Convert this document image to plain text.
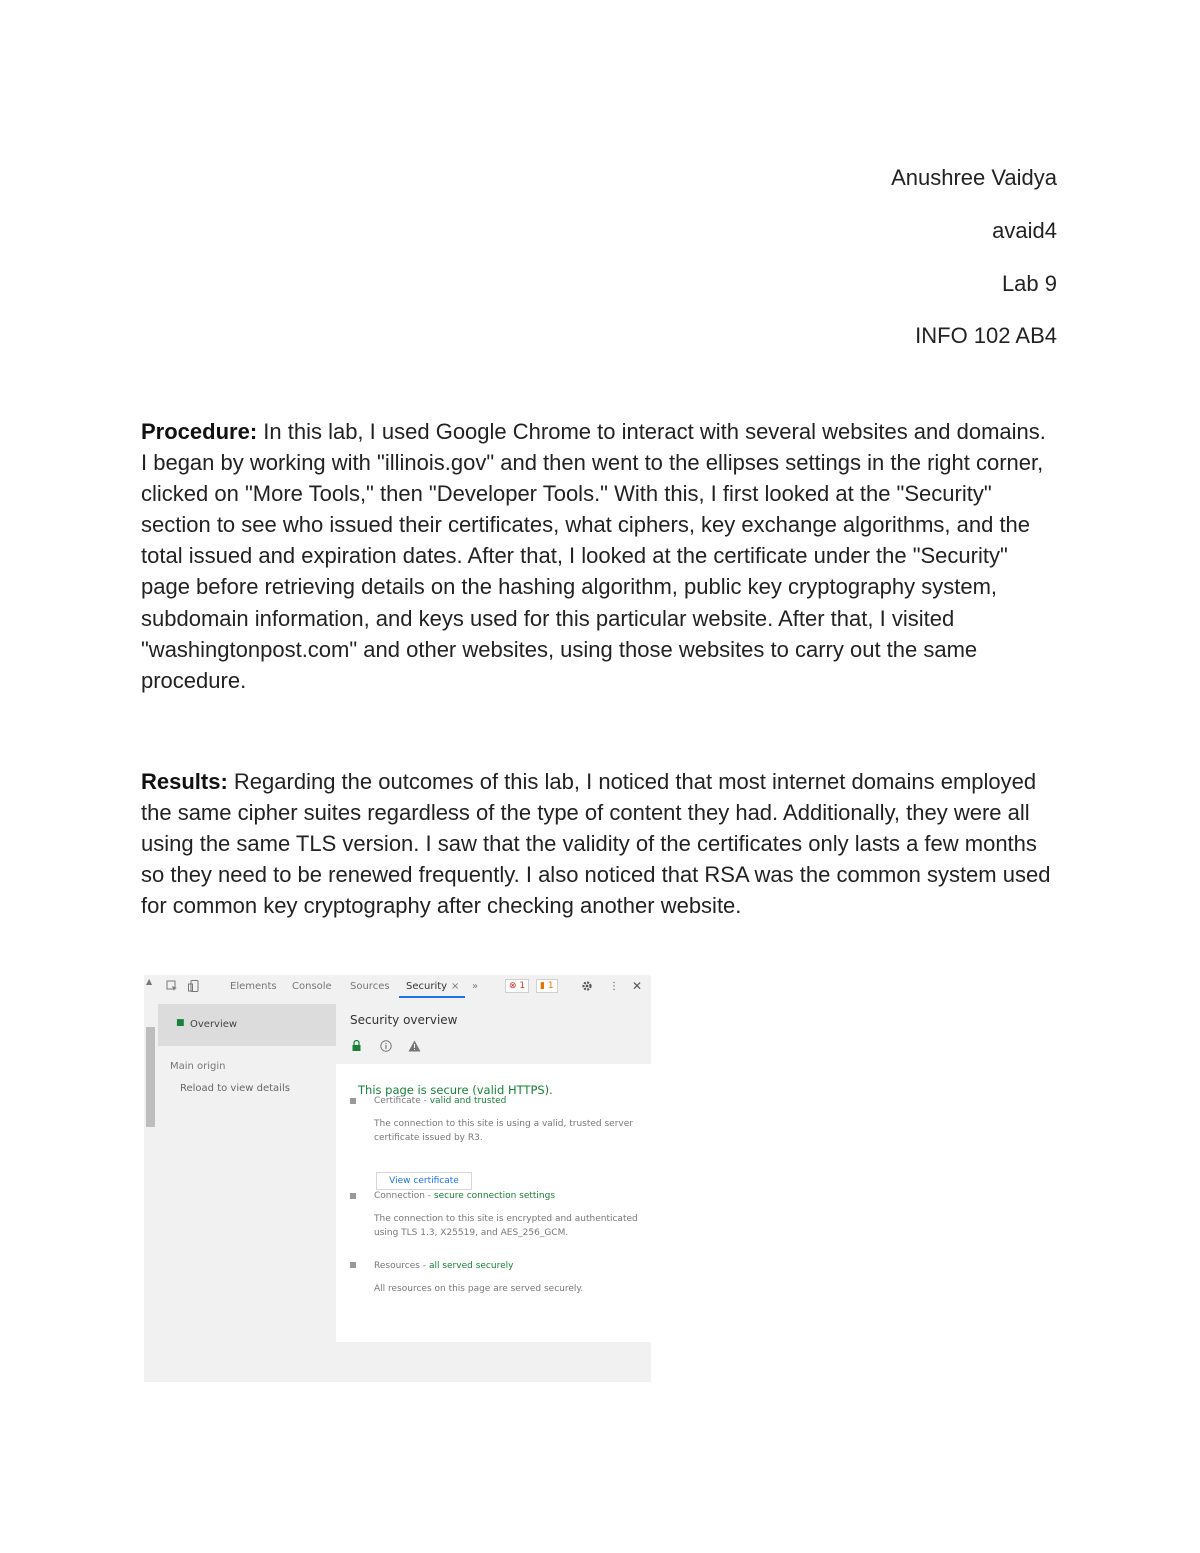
Anushree Vaidya
avaid4
Lab 9
INFO 102 AB4
Procedure: In this lab, I used Google Chrome to interact with several websites and domains. I began by working with "illinois.gov" and then went to the ellipses settings in the right corner, clicked on "More Tools," then "Developer Tools." With this, I first looked at the "Security" section to see who issued their certificates, what ciphers, key exchange algorithms, and the total issued and expiration dates. After that, I looked at the certificate under the "Security" page before retrieving details on the hashing algorithm, public key cryptography system, subdomain information, and keys used for this particular website. After that, I visited "washingtonpost.com" and other websites, using those websites to carry out the same procedure.
Results: Regarding the outcomes of this lab, I noticed that most internet domains employed the same cipher suites regardless of the type of content they had. Additionally, they were all using the same TLS version. I saw that the validity of the certificates only lasts a few months so they need to be renewed frequently. I also noticed that RSA was the common system used for common key cryptography after checking another website.
Elements Console Sources Security × »	⊗ 1	▮ 1	⋮ ✕
▲
■ Overview
Main origin
Reload to view details
Security overview
This page is secure (valid HTTPS).
Certificate - valid and trusted
The connection to this site is using a valid, trusted server certificate issued by R3.
View certificate
Connection - secure connection settings
The connection to this site is encrypted and authenticated using TLS 1.3, X25519, and AES_256_GCM.
Resources - all served securely
All resources on this page are served securely.
